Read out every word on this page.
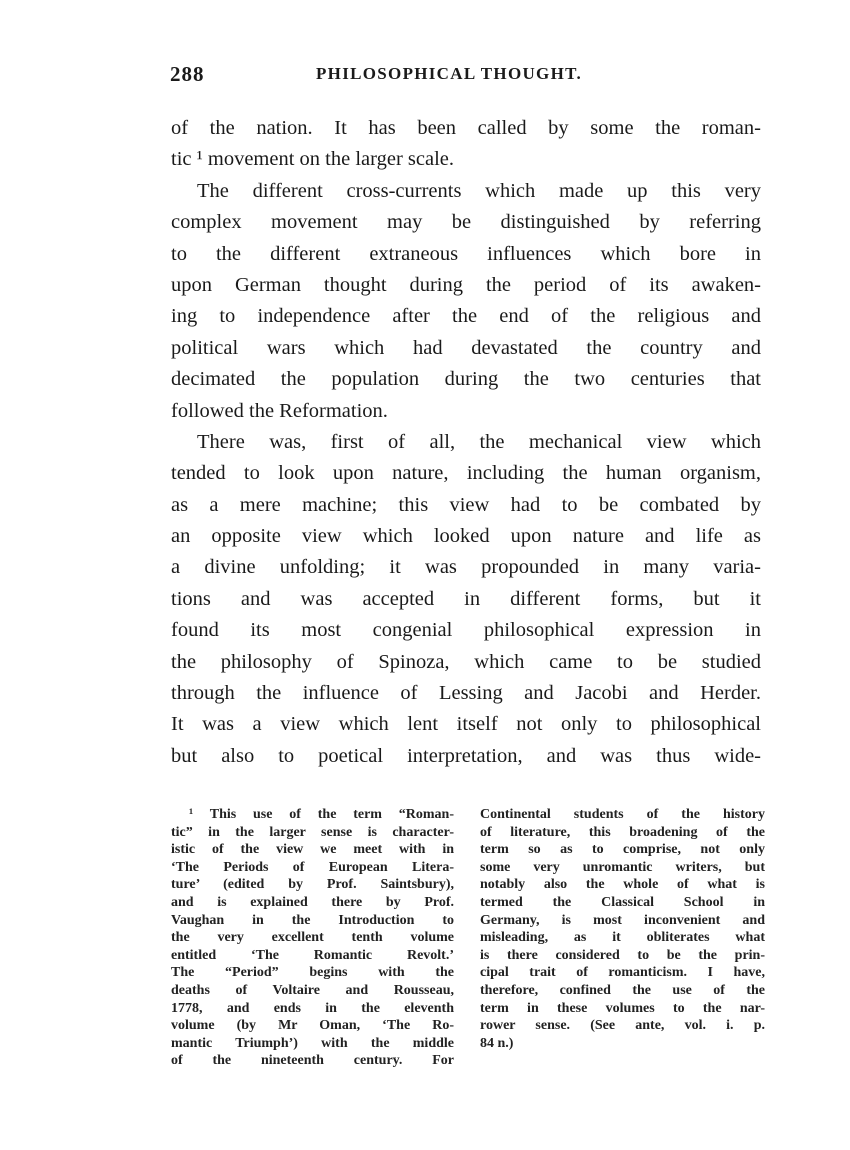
288	PHILOSOPHICAL THOUGHT.
of the nation. It has been called by some the roman-
tic ¹ movement on the larger scale.
The different cross-currents which made up this very
complex movement may be distinguished by referring
to the different extraneous influences which bore in
upon German thought during the period of its awaken-
ing to independence after the end of the religious and
political wars which had devastated the country and
decimated the population during the two centuries that
followed the Reformation.
There was, first of all, the mechanical view which
tended to look upon nature, including the human organism,
as a mere machine; this view had to be combated by
an opposite view which looked upon nature and life as
a divine unfolding; it was propounded in many varia-
tions and was accepted in different forms, but it
found its most congenial philosophical expression in
the philosophy of Spinoza, which came to be studied
through the influence of Lessing and Jacobi and Herder.
It was a view which lent itself not only to philosophical
but also to poetical interpretation, and was thus wide-
¹ This use of the term “Roman-
tic” in the larger sense is character-
istic of the view we meet with in
‘The Periods of European Litera-
ture’ (edited by Prof. Saintsbury),
and is explained there by Prof.
Vaughan in the Introduction to
the very excellent tenth volume
entitled ‘The Romantic Revolt.’
The “Period” begins with the
deaths of Voltaire and Rousseau,
1778, and ends in the eleventh
volume (by Mr Oman, ‘The Ro-
mantic Triumph’) with the middle
of the nineteenth century. For
Continental students of the history
of literature, this broadening of the
term so as to comprise, not only
some very unromantic writers, but
notably also the whole of what is
termed the Classical School in
Germany, is most inconvenient and
misleading, as it obliterates what
is there considered to be the prin-
cipal trait of romanticism. I have,
therefore, confined the use of the
term in these volumes to the nar-
rower sense. (See ante, vol. i. p.
84 n.)
